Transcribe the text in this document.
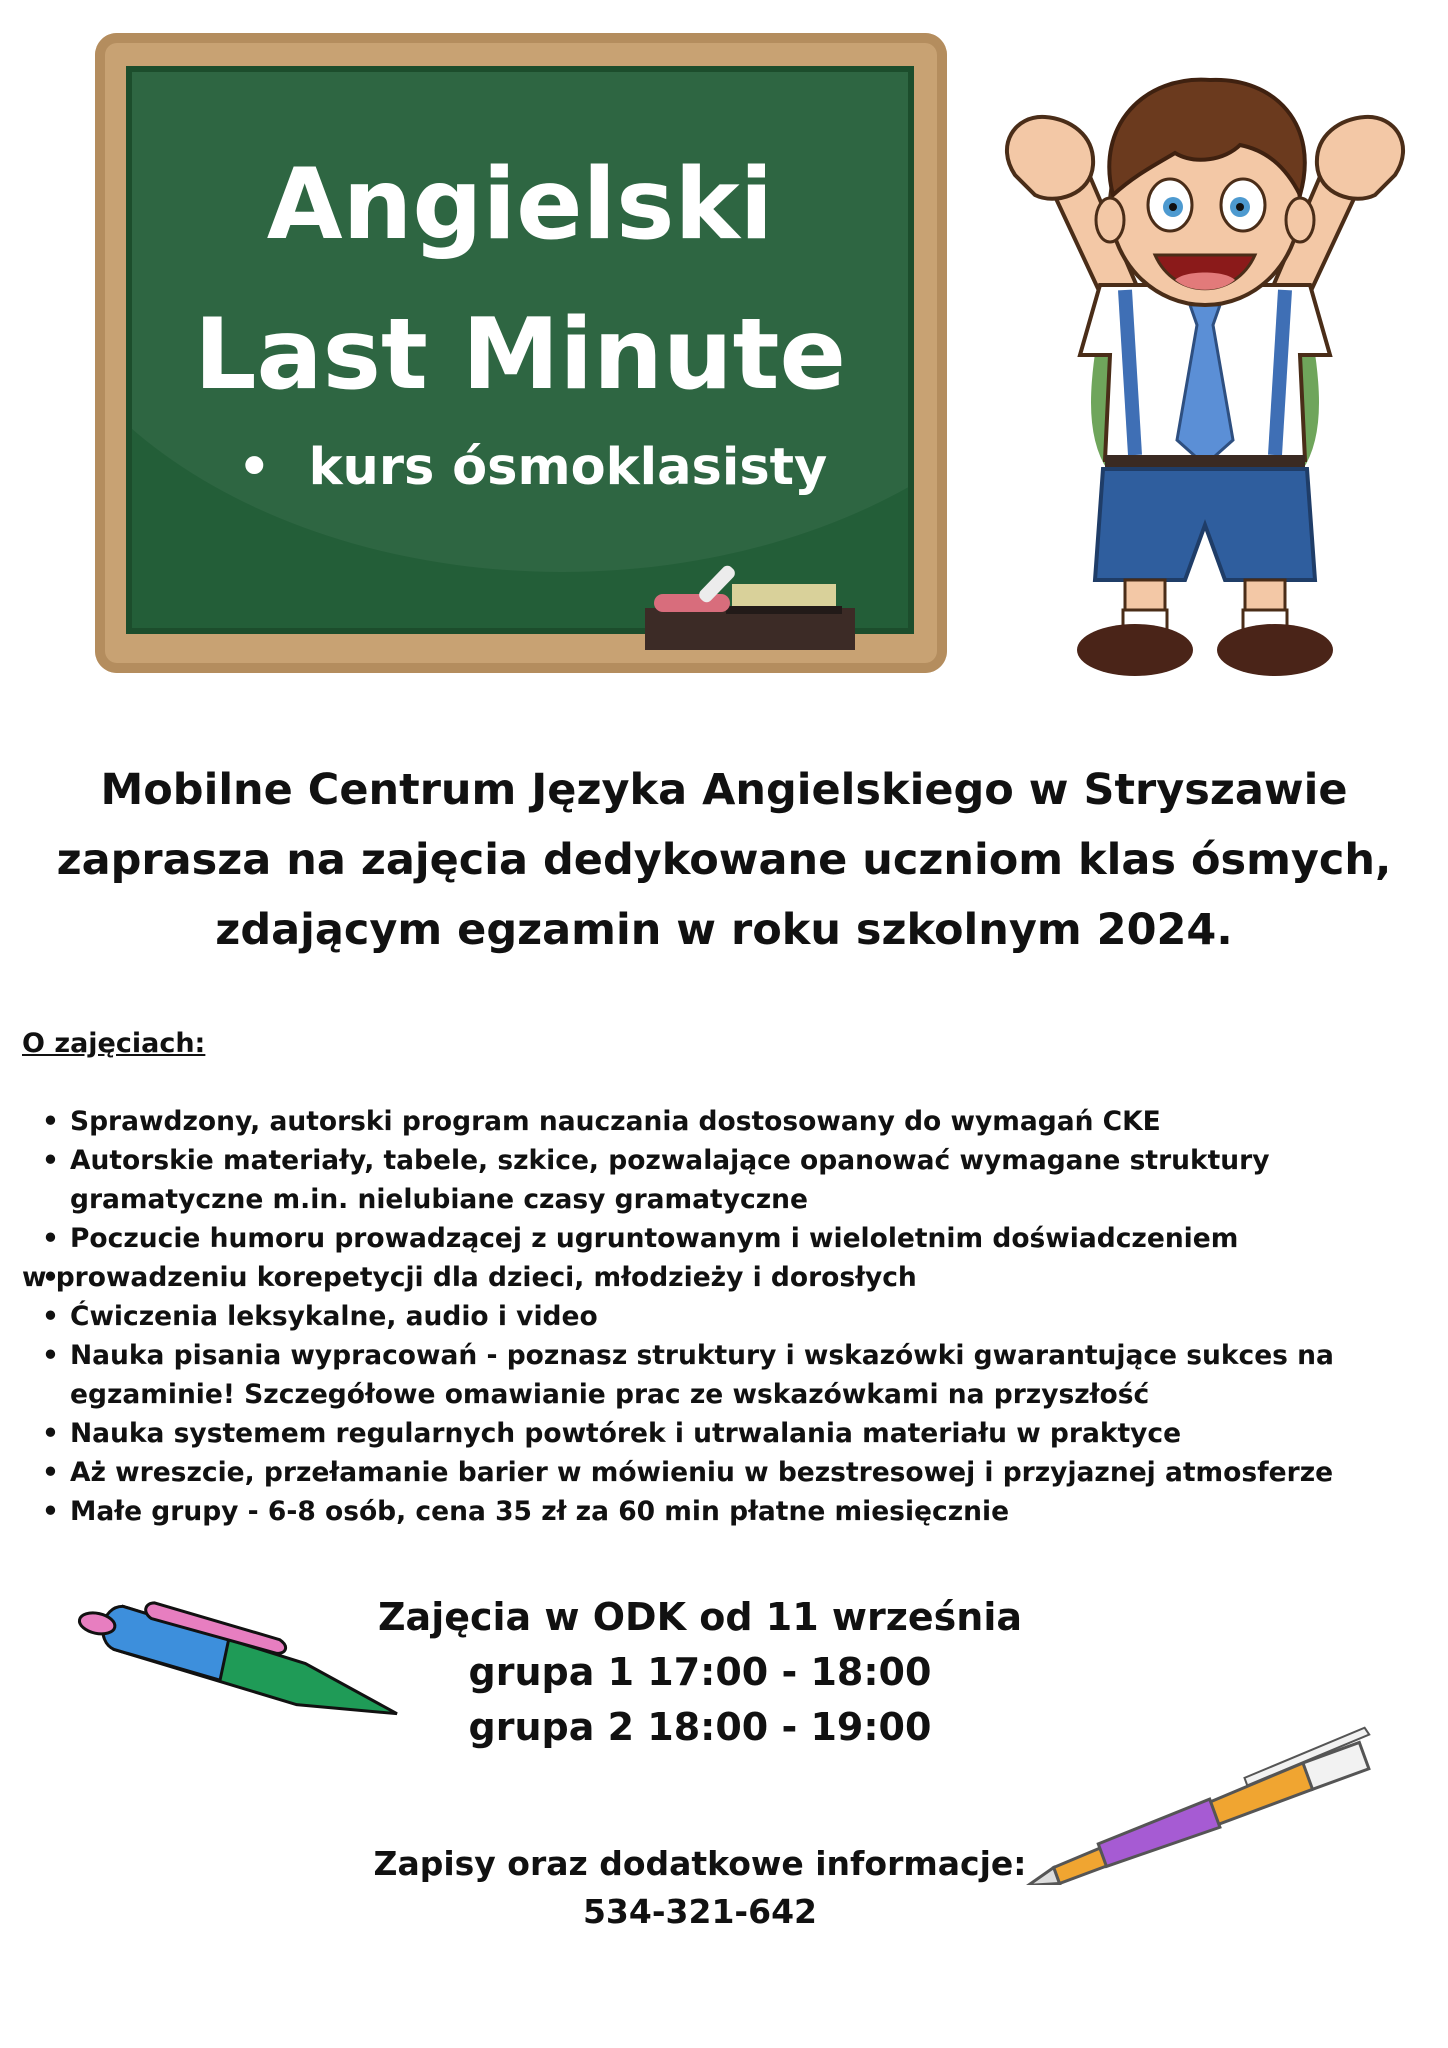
Angielski
Last Minute
• kurs ósmoklasisty
Mobilne Centrum Języka Angielskiego w Stryszawie
zaprasza na zajęcia dedykowane uczniom klas ósmych,
zdającym egzamin w roku szkolnym 2024.
O zajęciach:
• Sprawdzony, autorski program nauczania dostosowany do wymagań CKE
• Autorskie materiały, tabele, szkice, pozwalające opanować wymagane struktury gramatyczne m.in. nielubiane czasy gramatyczne
• Poczucie humoru prowadzącej z ugruntowanym i wieloletnim doświadczeniem
• w prowadzeniu korepetycji dla dzieci, młodzieży i dorosłych
• Ćwiczenia leksykalne, audio i video
• Nauka pisania wypracowań - poznasz struktury i wskazówki gwarantujące sukces na egzaminie! Szczegółowe omawianie prac ze wskazówkami na przyszłość
• Nauka systemem regularnych powtórek i utrwalania materiału w praktyce
• Aż wreszcie, przełamanie barier w mówieniu w bezstresowej i przyjaznej atmosferze
• Małe grupy - 6-8 osób, cena 35 zł za 60 min płatne miesięcznie
Zajęcia w ODK od 11 września
grupa 1 17:00 - 18:00
grupa 2 18:00 - 19:00
Zapisy oraz dodatkowe informacje:
534-321-642
